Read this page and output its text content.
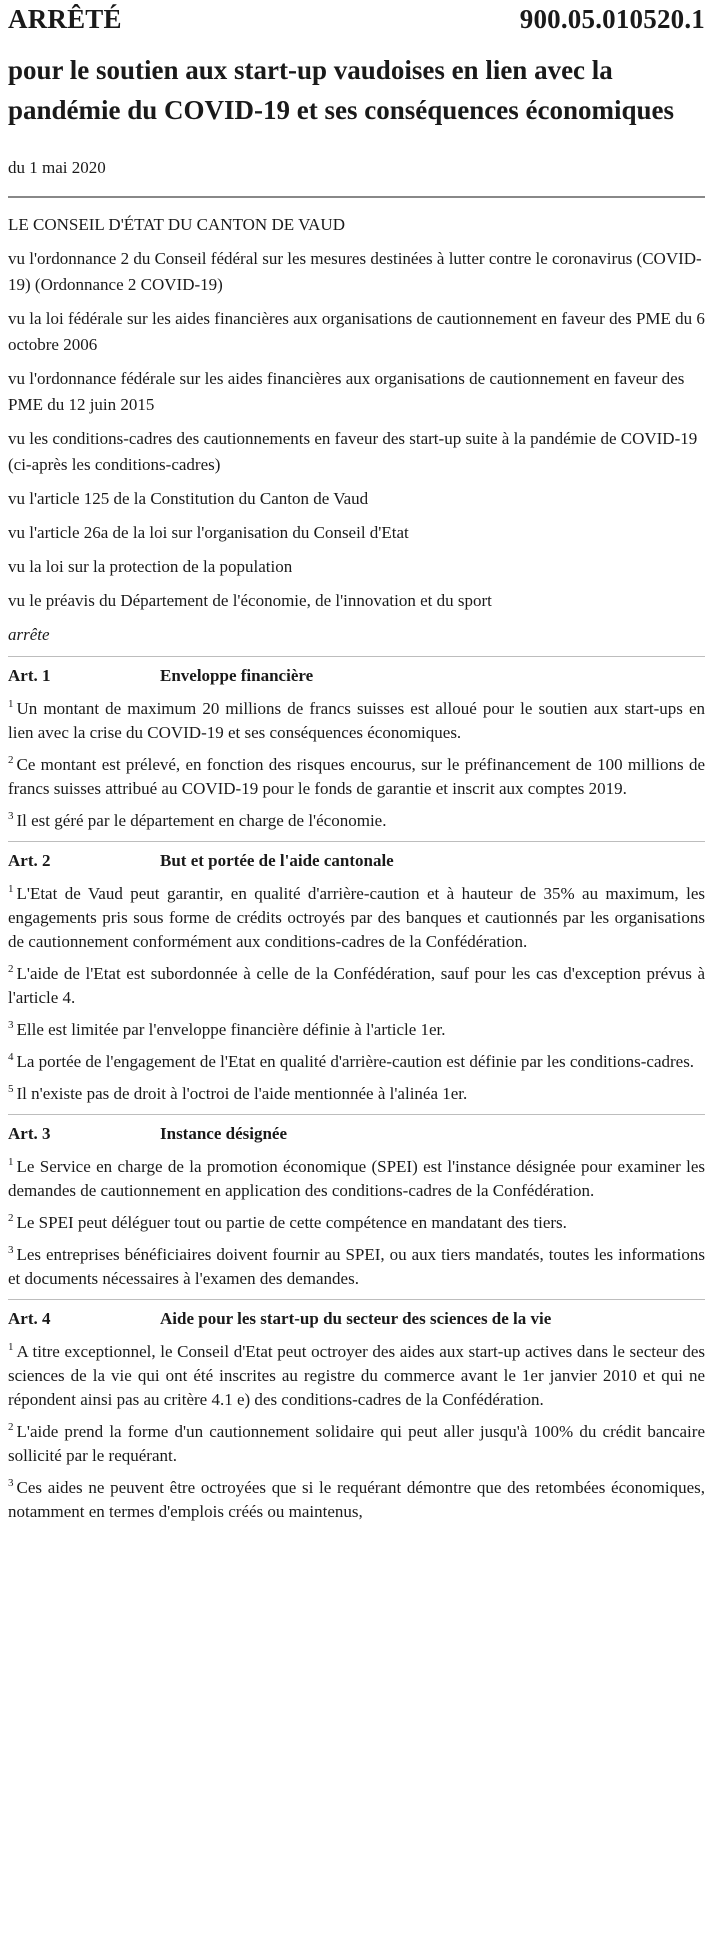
ARRÊTÉ	900.05.010520.1
pour le soutien aux start-up vaudoises en lien avec la pandémie du COVID-19 et ses conséquences économiques
du 1 mai 2020
LE CONSEIL D'ÉTAT DU CANTON DE VAUD
vu l'ordonnance 2 du Conseil fédéral sur les mesures destinées à lutter contre le coronavirus (COVID-19) (Ordonnance 2 COVID-19)
vu la loi fédérale sur les aides financières aux organisations de cautionnement en faveur des PME du 6 octobre 2006
vu l'ordonnance fédérale sur les aides financières aux organisations de cautionnement en faveur des PME du 12 juin 2015
vu les conditions-cadres des cautionnements en faveur des start-up suite à la pandémie de COVID-19 (ci-après les conditions-cadres)
vu l'article 125 de la Constitution du Canton de Vaud
vu l'article 26a de la loi sur l'organisation du Conseil d'Etat
vu la loi sur la protection de la population
vu le préavis du Département de l'économie, de l'innovation et du sport
arrête
Art. 1	Enveloppe financière
$^1$ Un montant de maximum 20 millions de francs suisses est alloué pour le soutien aux start-ups en lien avec la crise du COVID-19 et ses conséquences économiques.
$^2$ Ce montant est prélevé, en fonction des risques encourus, sur le préfinancement de 100 millions de francs suisses attribué au COVID-19 pour le fonds de garantie et inscrit aux comptes 2019.
$^3$ Il est géré par le département en charge de l'économie.
Art. 2	But et portée de l'aide cantonale
$^1$ L'Etat de Vaud peut garantir, en qualité d'arrière-caution et à hauteur de 35% au maximum, les engagements pris sous forme de crédits octroyés par des banques et cautionnés par les organisations de cautionnement conformément aux conditions-cadres de la Confédération.
$^2$ L'aide de l'Etat est subordonnée à celle de la Confédération, sauf pour les cas d'exception prévus à l'article 4.
$^3$ Elle est limitée par l'enveloppe financière définie à l'article 1er.
$^4$ La portée de l'engagement de l'Etat en qualité d'arrière-caution est définie par les conditions-cadres.
$^5$ Il n'existe pas de droit à l'octroi de l'aide mentionnée à l'alinéa 1er.
Art. 3	Instance désignée
$^1$ Le Service en charge de la promotion économique (SPEI) est l'instance désignée pour examiner les demandes de cautionnement en application des conditions-cadres de la Confédération.
$^2$ Le SPEI peut déléguer tout ou partie de cette compétence en mandatant des tiers.
$^3$ Les entreprises bénéficiaires doivent fournir au SPEI, ou aux tiers mandatés, toutes les informations et documents nécessaires à l'examen des demandes.
Art. 4	Aide pour les start-up du secteur des sciences de la vie
$^1$ A titre exceptionnel, le Conseil d'Etat peut octroyer des aides aux start-up actives dans le secteur des sciences de la vie qui ont été inscrites au registre du commerce avant le 1er janvier 2010 et qui ne répondent ainsi pas au critère 4.1 e) des conditions-cadres de la Confédération.
$^2$ L'aide prend la forme d'un cautionnement solidaire qui peut aller jusqu'à 100% du crédit bancaire sollicité par le requérant.
$^3$ Ces aides ne peuvent être octroyées que si le requérant démontre que des retombées économiques, notamment en termes d'emplois créés ou maintenus,
